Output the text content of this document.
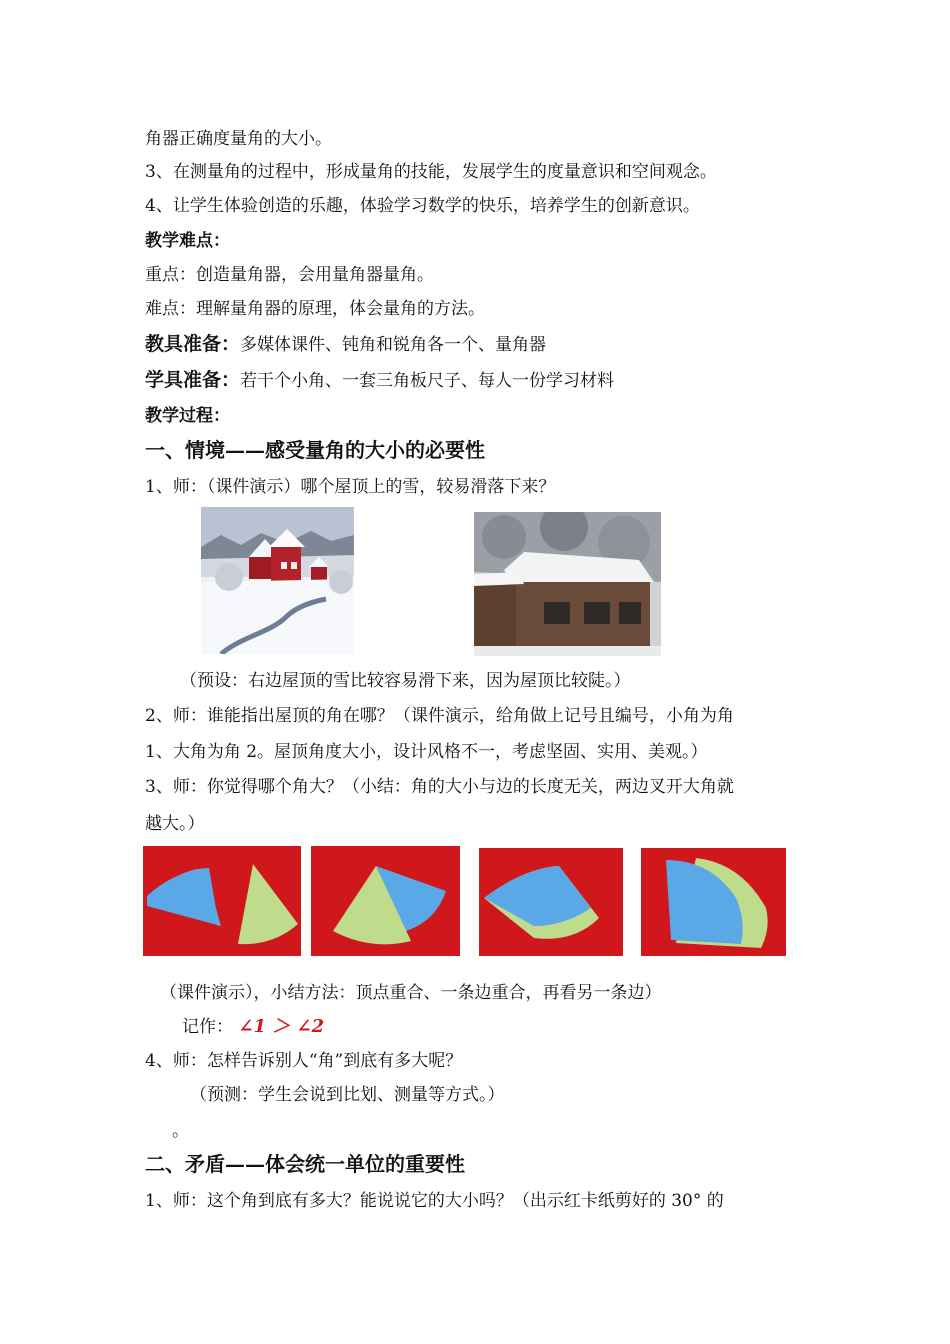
角器正确度量角的大小。
3、在测量角的过程中，形成量角的技能，发展学生的度量意识和空间观念。
4、让学生体验创造的乐趣，体验学习数学的快乐，培养学生的创新意识。
教学难点：
重点：创造量角器，会用量角器量角。
难点：理解量角器的原理，体会量角的方法。
教具准备：多媒体课件、钝角和锐角各一个、量角器
学具准备：若干个小角、一套三角板尺子、每人一份学习材料
教学过程：
一、情境——感受量角的大小的必要性
1、师：（课件演示）哪个屋顶上的雪，较易滑落下来？
（预设：右边屋顶的雪比较容易滑下来，因为屋顶比较陡。）
2、师：谁能指出屋顶的角在哪？（课件演示，给角做上记号且编号，小角为角
1、大角为角 2。屋顶角度大小，设计风格不一，考虑坚固、实用、美观。）
3、师：你觉得哪个角大？（小结：角的大小与边的长度无关，两边叉开大角就
越大。）
（课件演示），小结方法：顶点重合、一条边重合，再看另一条边）
记作： ∠1 ＞ ∠2
4、师：怎样告诉别人“角”到底有多大呢？
（预测：学生会说到比划、测量等方式。）
。
二、矛盾——体会统一单位的重要性
1、师：这个角到底有多大？能说说它的大小吗？（出示红卡纸剪好的 30° 的
